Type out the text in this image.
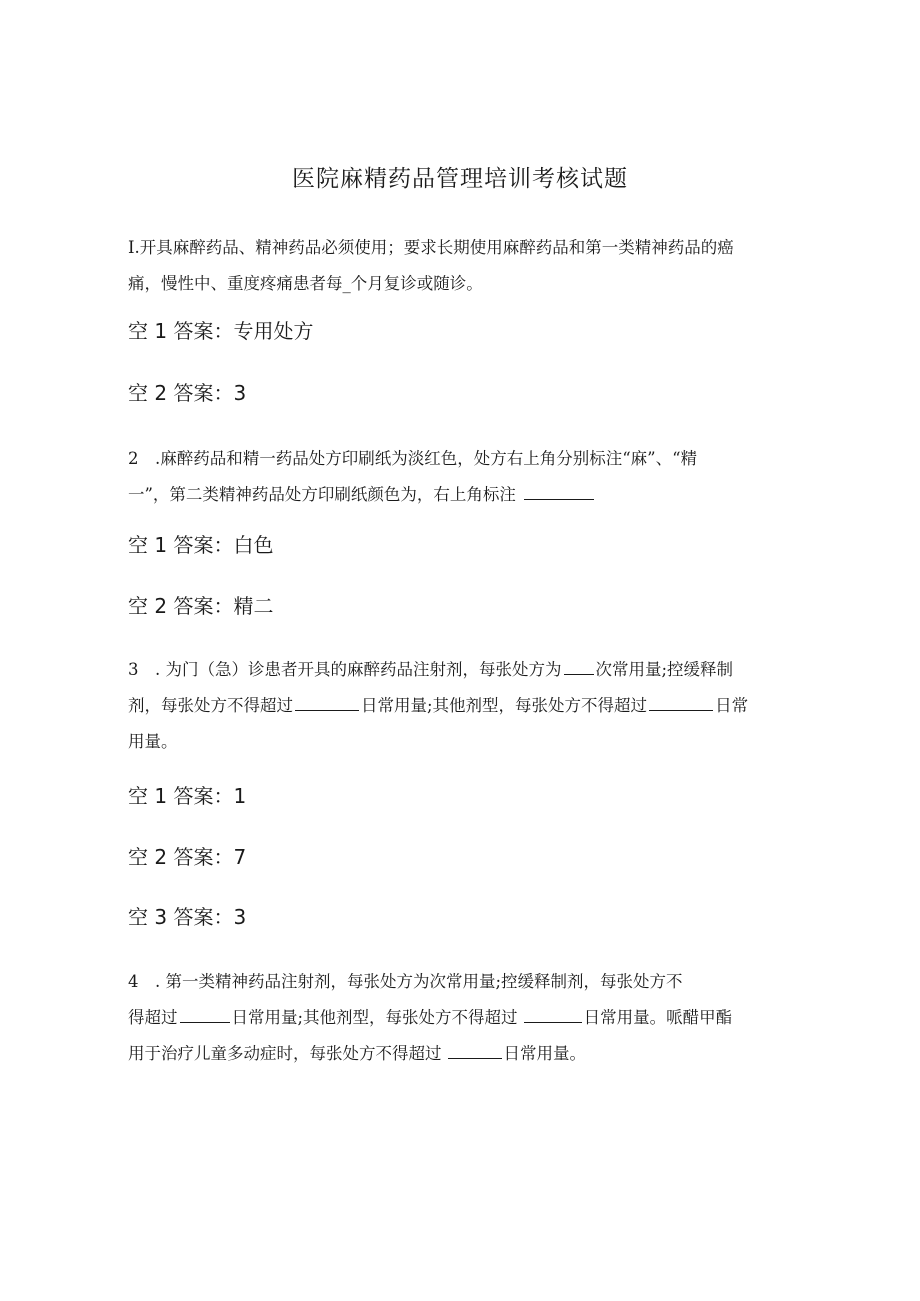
医院麻精药品管理培训考核试题
I.开具麻醉药品、精神药品必须使用；要求长期使用麻醉药品和第一类精神药品的癌
痛，慢性中、重度疼痛患者每_个月复诊或随诊。
空 1 答案：专用处方
空 2 答案：3
2　.麻醉药品和精一药品处方印刷纸为淡红色，处方右上角分别标注“麻”、“精
一”，第二类精神药品处方印刷纸颜色为，右上角标注
空 1 答案：白色
空 2 答案：精二
3　. 为门（急）诊患者开具的麻醉药品注射剂，每张处方为 次常用量;控缓释制
剂，每张处方不得超过	日常用量;其他剂型，每张处方不得超过	日常
用量。
空 1 答案：1
空 2 答案：7
空 3 答案：3
4　. 第一类精神药品注射剂，每张处方为次常用量;控缓释制剂，每张处方不
得超过	日常用量;其他剂型，每张处方不得超过	日常用量。哌醋甲酯
用于治疗儿童多动症时，每张处方不得超过	日常用量。
